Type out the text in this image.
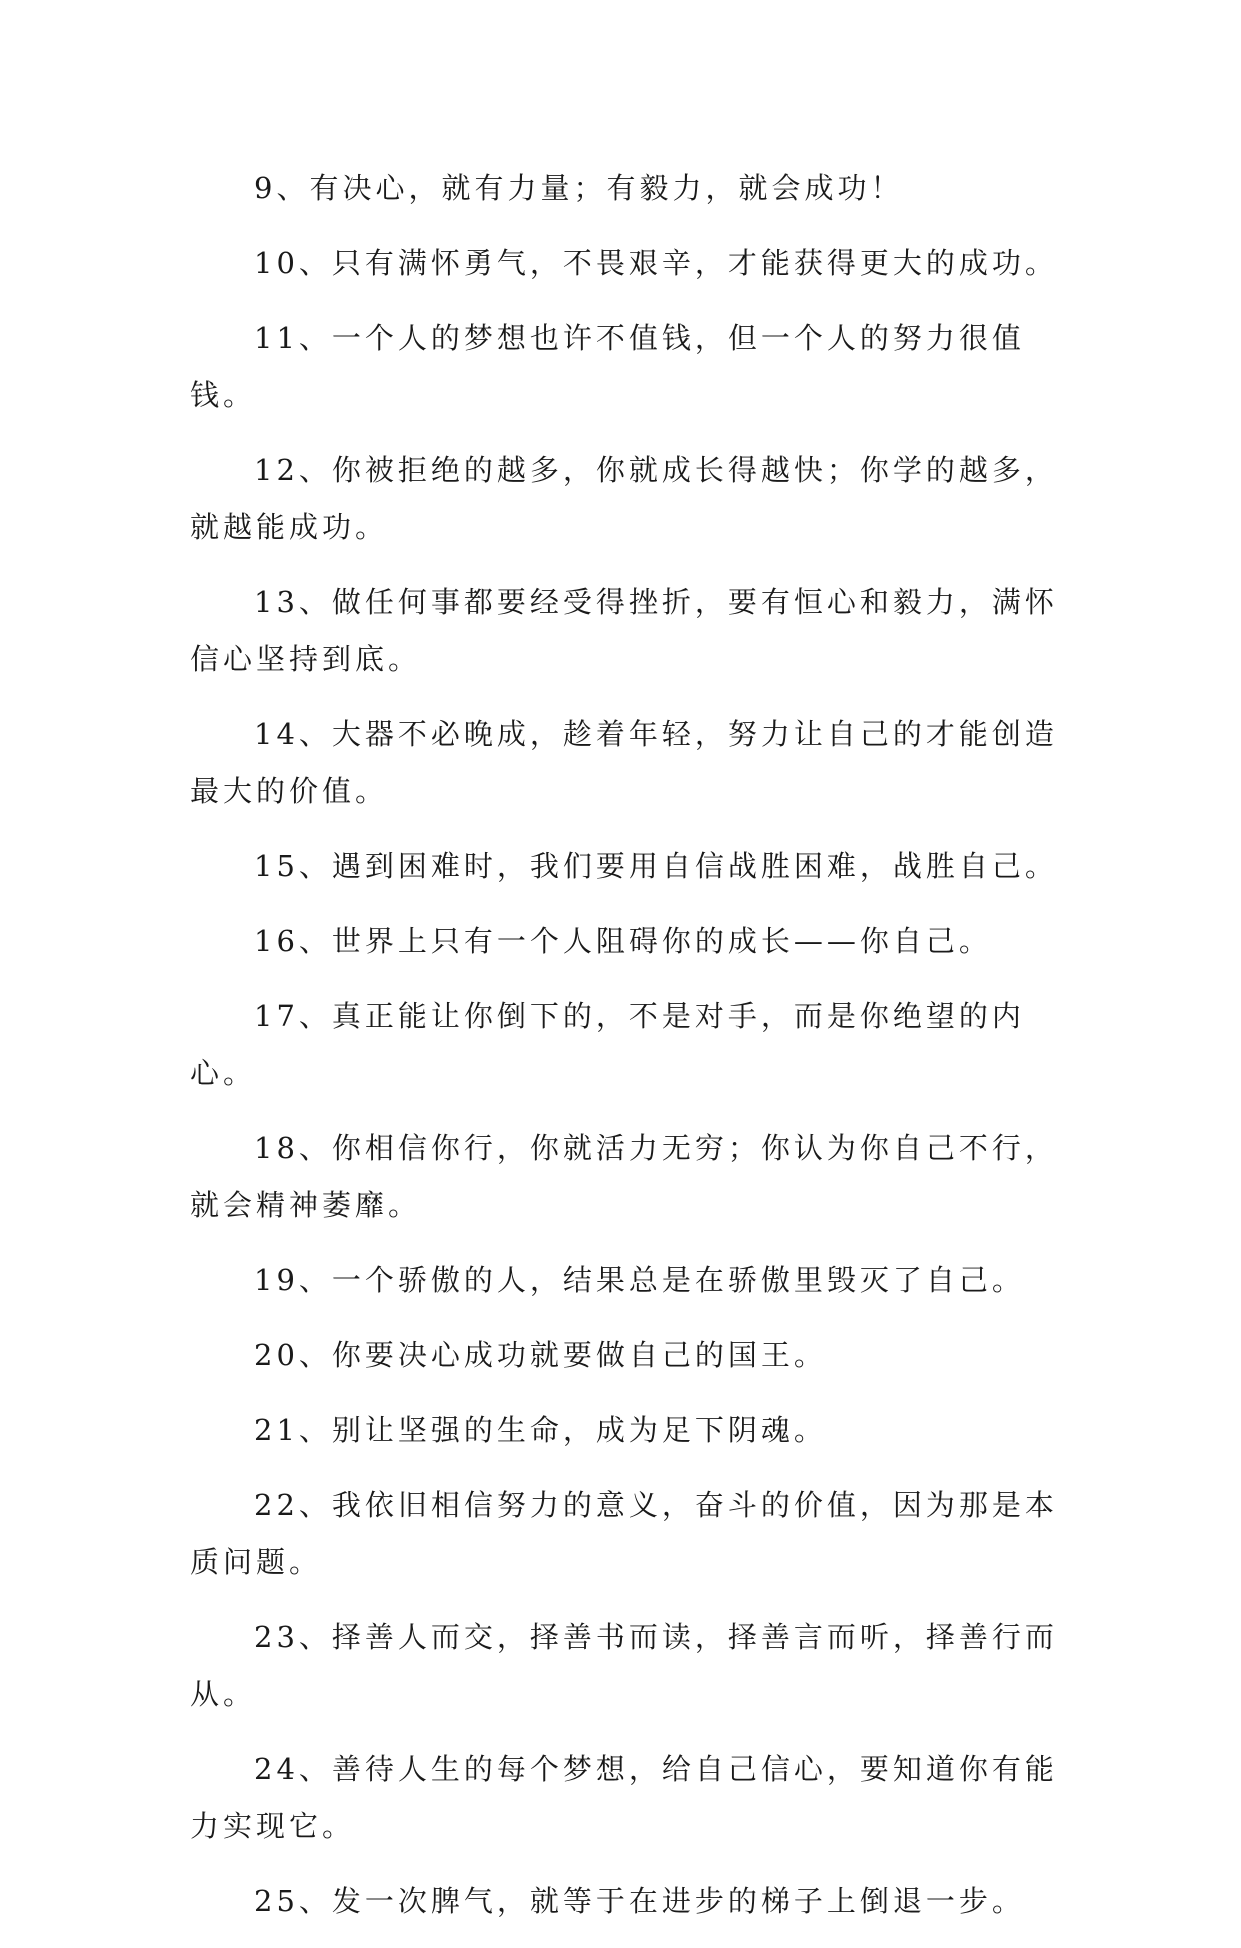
9、有决心，就有力量；有毅力，就会成功！

10、只有满怀勇气，不畏艰辛，才能获得更大的成功。

11、一个人的梦想也许不值钱，但一个人的努力很值钱。

12、你被拒绝的越多，你就成长得越快；你学的越多，就越能成功。

13、做任何事都要经受得挫折，要有恒心和毅力，满怀信心坚持到底。

14、大器不必晚成，趁着年轻，努力让自己的才能创造最大的价值。

15、遇到困难时，我们要用自信战胜困难，战胜自己。

16、世界上只有一个人阻碍你的成长——你自己。

17、真正能让你倒下的，不是对手，而是你绝望的内心。

18、你相信你行，你就活力无穷；你认为你自己不行，就会精神萎靡。

19、一个骄傲的人，结果总是在骄傲里毁灭了自己。

20、你要决心成功就要做自己的国王。

21、别让坚强的生命，成为足下阴魂。

22、我依旧相信努力的意义，奋斗的价值，因为那是本质问题。

23、择善人而交，择善书而读，择善言而听，择善行而从。

24、善待人生的每个梦想，给自己信心，要知道你有能力实现它。

25、发一次脾气，就等于在进步的梯子上倒退一步。
